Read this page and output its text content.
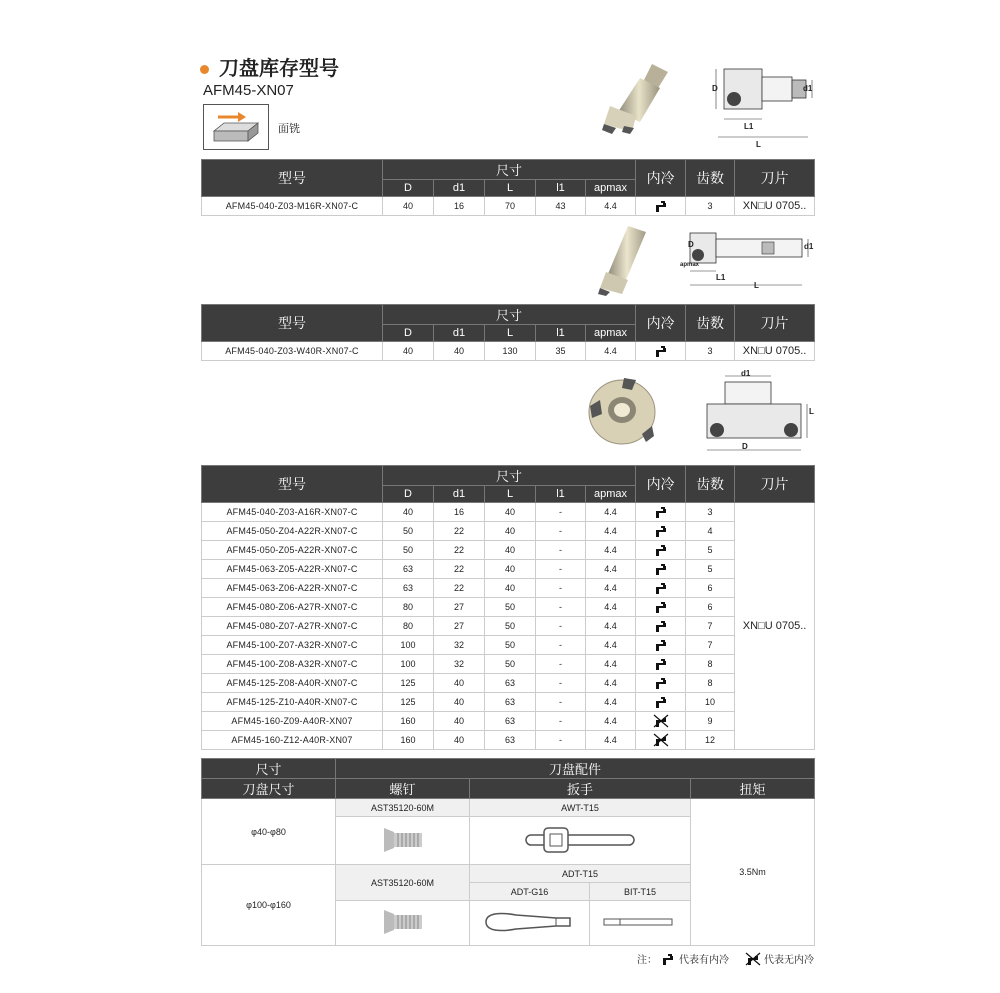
刀盘库存型号
AFM45-XN07
面铣
D	d1
L1
L
型号	尺寸					内冷	齿数	刀片
	D	d1	L	l1	apmax			
AFM45-040-Z03-M16R-XN07-C	40	16	70	43	4.4		3	XN□U 0705..
D	d1
apmax
L1
L
型号	尺寸					内冷	齿数	刀片
	D	d1	L	l1	apmax			
AFM45-040-Z03-W40R-XN07-C	40	40	130	35	4.4		3	XN□U 0705..
d1
L
D
型号	尺寸					内冷	齿数	刀片
	D	d1	L	l1	apmax			
AFM45-040-Z03-A16R-XN07-C	40	16	40	-	4.4		3	XN□U 0705..
AFM45-050-Z04-A22R-XN07-C	50	22	40	-	4.4		4	
AFM45-050-Z05-A22R-XN07-C	50	22	40	-	4.4		5	
AFM45-063-Z05-A22R-XN07-C	63	22	40	-	4.4		5	
AFM45-063-Z06-A22R-XN07-C	63	22	40	-	4.4		6	
AFM45-080-Z06-A27R-XN07-C	80	27	50	-	4.4		6	
AFM45-080-Z07-A27R-XN07-C	80	27	50	-	4.4		7	
AFM45-100-Z07-A32R-XN07-C	100	32	50	-	4.4		7	
AFM45-100-Z08-A32R-XN07-C	100	32	50	-	4.4		8	
AFM45-125-Z08-A40R-XN07-C	125	40	63	-	4.4		8	
AFM45-125-Z10-A40R-XN07-C	125	40	63	-	4.4		10	
AFM45-160-Z09-A40R-XN07	160	40	63	-	4.4		9	
AFM45-160-Z12-A40R-XN07	160	40	63	-	4.4		12	
尺寸	刀盘配件			
刀盘尺寸	螺钉	扳手		扭矩
φ40-φ80	AST35120-60M	AWT-T15		3.5Nm

φ100-φ160	AST35120-60M	ADT-T15		
		ADT-G16	BIT-T15	

注： 代表有内冷	代表无内冷
